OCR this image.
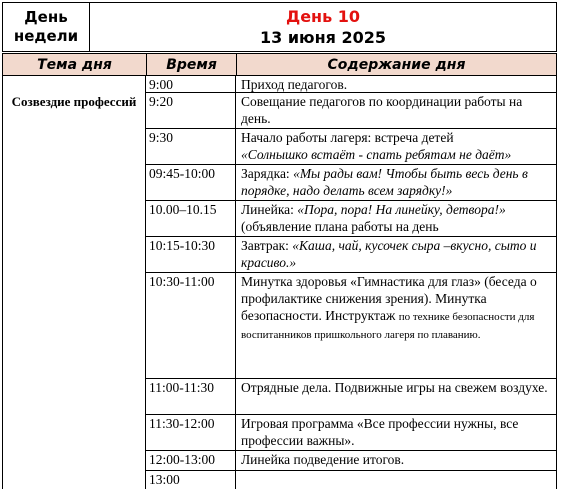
День недели
День 10
13 июня 2025
Тема дня	Время	Содержание дня
Созвездие профессий
9:00	Приход педагогов.
9:20	Совещание педагогов по координации работы на день.
9:30	Начало работы лагеря: встреча детей
«Солнышко встаёт - спать ребятам не даёт»
09:45-10:00	Зарядка: «Мы рады вам! Чтобы быть весь день в порядке, надо делать всем зарядку!»
10.00–10.15	Линейка: «Пора, пора! На линейку, детвора!» (объявление плана работы на день
10:15-10:30	Завтрак: «Каша, чай, кусочек сыра –вкусно, сыто и красиво.»
10:30-11:00	Минутка здоровья «Гимнастика для глаз» (беседа о профилактике снижения зрения). Минутка безопасности. Инструктаж по технике безопасности для воспитанников пришкольного лагеря по плаванию.
11:00-11:30	Отрядные дела. Подвижные игры на свежем воздухе.
11:30-12:00	Игровая программа «Все профессии нужны, все профессии важны».
12:00-13:00	Линейка подведение итогов.
13:00
